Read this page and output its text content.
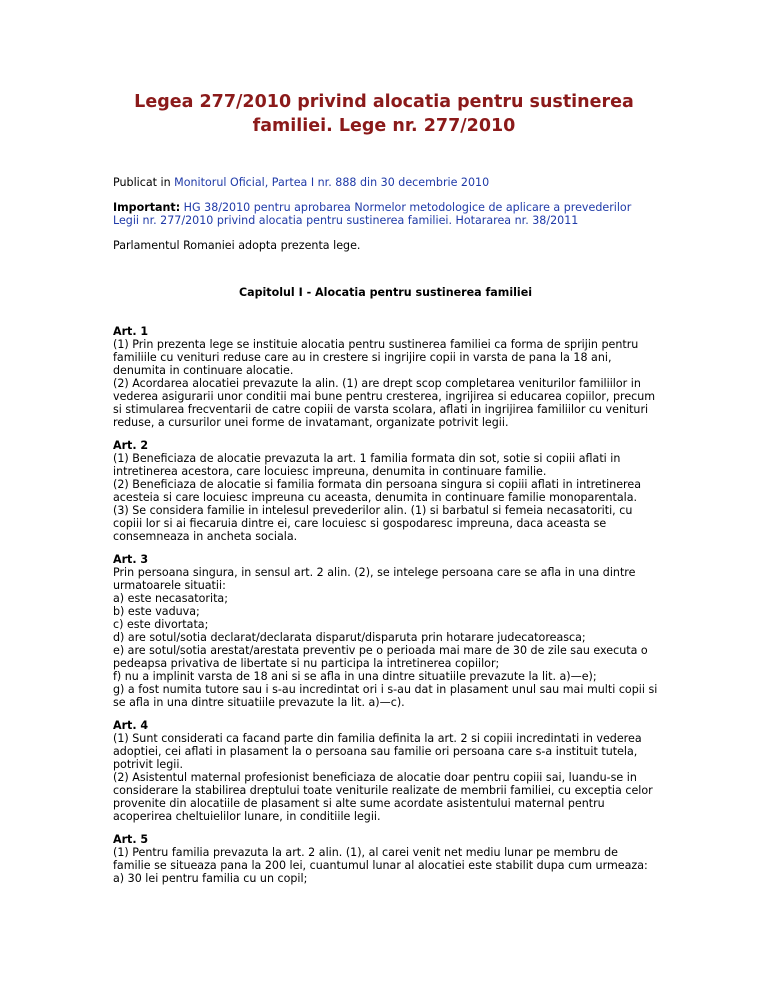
Legea 277/2010 privind alocatia pentru sustinerea
familiei. Lege nr. 277/2010

Publicat in Monitorul Oficial, Partea I nr. 888 din 30 decembrie 2010

Important: HG 38/2010 pentru aprobarea Normelor metodologice de aplicare a prevederilor Legii nr. 277/2010 privind alocatia pentru sustinerea familiei. Hotararea nr. 38/2011

Parlamentul Romaniei adopta prezenta lege.

Capitolul I - Alocatia pentru sustinerea familiei
Art. 1
(1) Prin prezenta lege se instituie alocatia pentru sustinerea familiei ca forma de sprijin pentru familiile cu venituri reduse care au in crestere si ingrijire copii in varsta de pana la 18 ani, denumita in continuare alocatie.
(2) Acordarea alocatiei prevazute la alin. (1) are drept scop completarea veniturilor familiilor in vederea asigurarii unor conditii mai bune pentru cresterea, ingrijirea si educarea copiilor, precum si stimularea frecventarii de catre copiii de varsta scolara, aflati in ingrijirea familiilor cu venituri reduse, a cursurilor unei forme de invatamant, organizate potrivit legii.
Art. 2
(1) Beneficiaza de alocatie prevazuta la art. 1 familia formata din sot, sotie si copiii aflati in intretinerea acestora, care locuiesc impreuna, denumita in continuare familie.
(2) Beneficiaza de alocatie si familia formata din persoana singura si copiii aflati in intretinerea acesteia si care locuiesc impreuna cu aceasta, denumita in continuare familie monoparentala.
(3) Se considera familie in intelesul prevederilor alin. (1) si barbatul si femeia necasatoriti, cu copiii lor si ai fiecaruia dintre ei, care locuiesc si gospodaresc impreuna, daca aceasta se consemneaza in ancheta sociala.
Art. 3
Prin persoana singura, in sensul art. 2 alin. (2), se intelege persoana care se afla in una dintre urmatoarele situatii:
a) este necasatorita;
b) este vaduva;
c) este divortata;
d) are sotul/sotia declarat/declarata disparut/disparuta prin hotarare judecatoreasca;
e) are sotul/sotia arestat/arestata preventiv pe o perioada mai mare de 30 de zile sau executa o pedeapsa privativa de libertate si nu participa la intretinerea copiilor;
f) nu a implinit varsta de 18 ani si se afla in una dintre situatiile prevazute la lit. a)—e);
g) a fost numita tutore sau i s-au incredintat ori i s-au dat in plasament unul sau mai multi copii si se afla in una dintre situatiile prevazute la lit. a)—c).
Art. 4
(1) Sunt considerati ca facand parte din familia definita la art. 2 si copiii incredintati in vederea adoptiei, cei aflati in plasament la o persoana sau familie ori persoana care s-a instituit tutela, potrivit legii.
(2) Asistentul maternal profesionist beneficiaza de alocatie doar pentru copiii sai, luandu-se in considerare la stabilirea dreptului toate veniturile realizate de membrii familiei, cu exceptia celor provenite din alocatiile de plasament si alte sume acordate asistentului maternal pentru acoperirea cheltuielilor lunare, in conditiile legii.
Art. 5
(1) Pentru familia prevazuta la art. 2 alin. (1), al carei venit net mediu lunar pe membru de familie se situeaza pana la 200 lei, cuantumul lunar al alocatiei este stabilit dupa cum urmeaza:
a) 30 lei pentru familia cu un copil;
